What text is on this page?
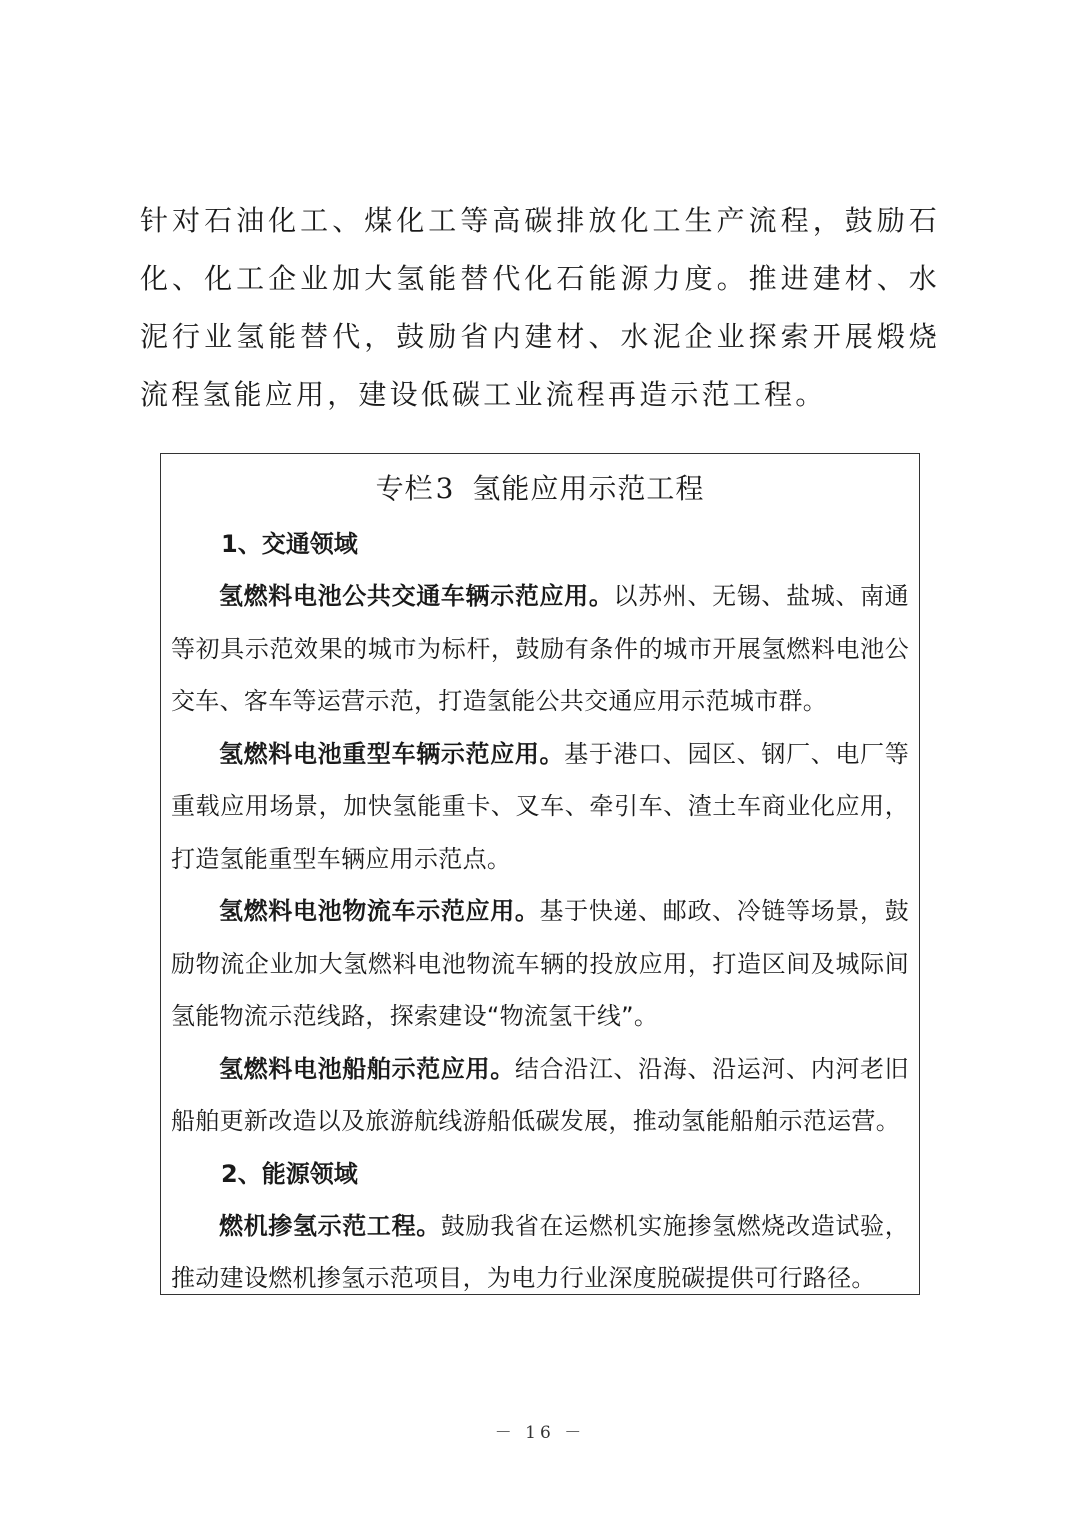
针对石油化工、煤化工等高碳排放化工生产流程，鼓励石化、化工企业加大氢能替代化石能源力度。推进建材、水泥行业氢能替代，鼓励省内建材、水泥企业探索开展煅烧流程氢能应用，建设低碳工业流程再造示范工程。

专栏3 氢能应用示范工程

1、交通领域

氢燃料电池公共交通车辆示范应用。以苏州、无锡、盐城、南通等初具示范效果的城市为标杆，鼓励有条件的城市开展氢燃料电池公交车、客车等运营示范，打造氢能公共交通应用示范城市群。

氢燃料电池重型车辆示范应用。基于港口、园区、钢厂、电厂等重载应用场景，加快氢能重卡、叉车、牵引车、渣土车商业化应用，打造氢能重型车辆应用示范点。

氢燃料电池物流车示范应用。基于快递、邮政、冷链等场景，鼓励物流企业加大氢燃料电池物流车辆的投放应用，打造区间及城际间氢能物流示范线路，探索建设“物流氢干线”。

氢燃料电池船舶示范应用。结合沿江、沿海、沿运河、内河老旧船舶更新改造以及旅游航线游船低碳发展，推动氢能船舶示范运营。

2、能源领域

燃机掺氢示范工程。鼓励我省在运燃机实施掺氢燃烧改造试验，推动建设燃机掺氢示范项目，为电力行业深度脱碳提供可行路径。

－ 16 －
